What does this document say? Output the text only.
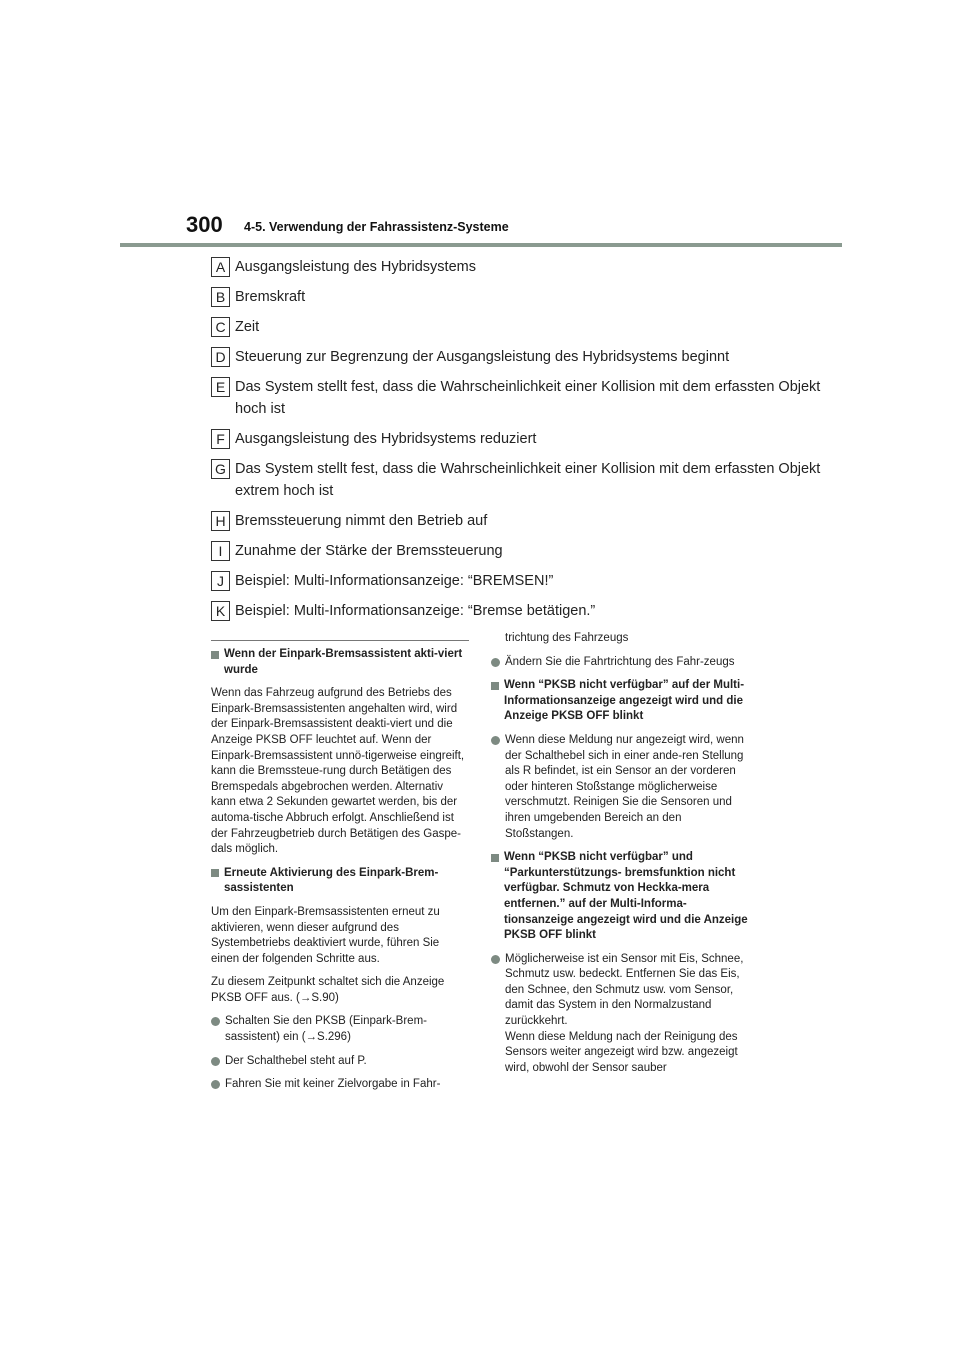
300 4-5. Verwendung der Fahrassistenz-Systeme
A Ausgangsleistung des Hybridsystems
B Bremskraft
C Zeit
D Steuerung zur Begrenzung der Ausgangsleistung des Hybridsystems beginnt
E Das System stellt fest, dass die Wahrscheinlichkeit einer Kollision mit dem erfassten Objekt hoch ist
F Ausgangsleistung des Hybridsystems reduziert
G Das System stellt fest, dass die Wahrscheinlichkeit einer Kollision mit dem erfassten Objekt extrem hoch ist
H Bremssteuerung nimmt den Betrieb auf
I Zunahme der Stärke der Bremssteuerung
J Beispiel: Multi-Informationsanzeige: “BREMSEN!”
K Beispiel: Multi-Informationsanzeige: “Bremse betätigen.”
Wenn der Einpark-Bremsassistent akti-viert wurde
Wenn das Fahrzeug aufgrund des Betriebs des Einpark-Bremsassistenten angehalten wird, wird der Einpark-Bremsassistent deakti-viert und die Anzeige PKSB OFF leuchtet auf. Wenn der Einpark-Bremsassistent unnö-tigerweise eingreift, kann die Bremssteue-rung durch Betätigen des Bremspedals abgebrochen werden. Alternativ kann etwa 2 Sekunden gewartet werden, bis der automa-tische Abbruch erfolgt. Anschließend ist der Fahrzeugbetrieb durch Betätigen des Gaspe-dals möglich.
Erneute Aktivierung des Einpark-Brem-sassistenten
Um den Einpark-Bremsassistenten erneut zu aktivieren, wenn dieser aufgrund des Systembetriebs deaktiviert wurde, führen Sie einen der folgenden Schritte aus.
Zu diesem Zeitpunkt schaltet sich die Anzeige PKSB OFF aus. (→S.90)
Schalten Sie den PKSB (Einpark-Brem-sassistent) ein (→S.296)
Der Schalthebel steht auf P.
Fahren Sie mit keiner Zielvorgabe in Fahr-
trichtung des Fahrzeugs
Ändern Sie die Fahrtrichtung des Fahr-zeugs
Wenn “PKSB nicht verfügbar” auf der Multi-Informationsanzeige angezeigt wird und die Anzeige PKSB OFF blinkt
Wenn diese Meldung nur angezeigt wird, wenn der Schalthebel sich in einer ande-ren Stellung als R befindet, ist ein Sensor an der vorderen oder hinteren Stoßstange möglicherweise verschmutzt. Reinigen Sie die Sensoren und ihren umgebenden Bereich an den Stoßstangen.
Wenn “PKSB nicht verfügbar” und “Parkunterstützungs- bremsfunktion nicht verfügbar. Schmutz von Heckka-mera entfernen.” auf der Multi-Informa-tionsanzeige angezeigt wird und die Anzeige PKSB OFF blinkt
Möglicherweise ist ein Sensor mit Eis, Schnee, Schmutz usw. bedeckt. Entfernen Sie das Eis, den Schnee, den Schmutz usw. vom Sensor, damit das System in den Normalzustand zurückkehrt.
Wenn diese Meldung nach der Reinigung des Sensors weiter angezeigt wird bzw. angezeigt wird, obwohl der Sensor sauber
